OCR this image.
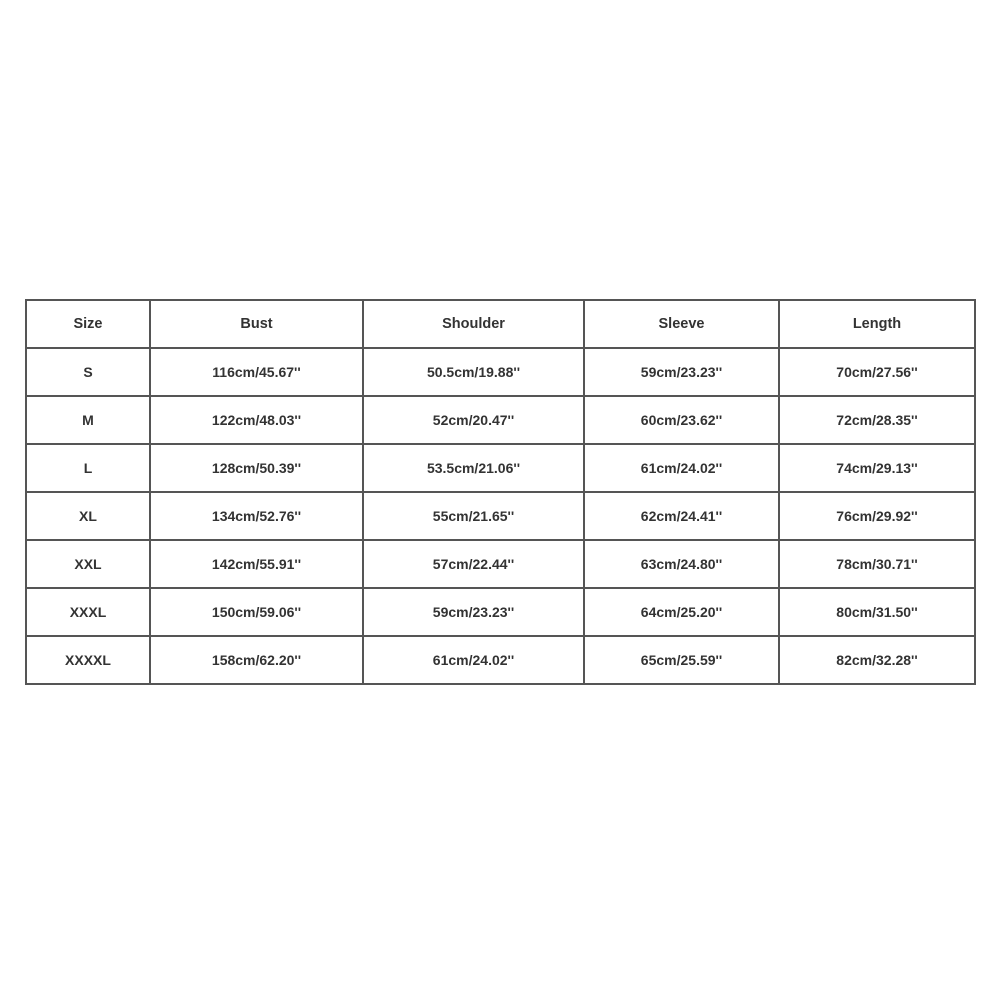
Size	Bust	Shoulder	Sleeve	Length
S	116cm/45.67''	50.5cm/19.88''	59cm/23.23''	70cm/27.56''
M	122cm/48.03''	52cm/20.47''	60cm/23.62''	72cm/28.35''
L	128cm/50.39''	53.5cm/21.06''	61cm/24.02''	74cm/29.13''
XL	134cm/52.76''	55cm/21.65''	62cm/24.41''	76cm/29.92''
XXL	142cm/55.91''	57cm/22.44''	63cm/24.80''	78cm/30.71''
XXXL	150cm/59.06''	59cm/23.23''	64cm/25.20''	80cm/31.50''
XXXXL	158cm/62.20''	61cm/24.02''	65cm/25.59''	82cm/32.28''
